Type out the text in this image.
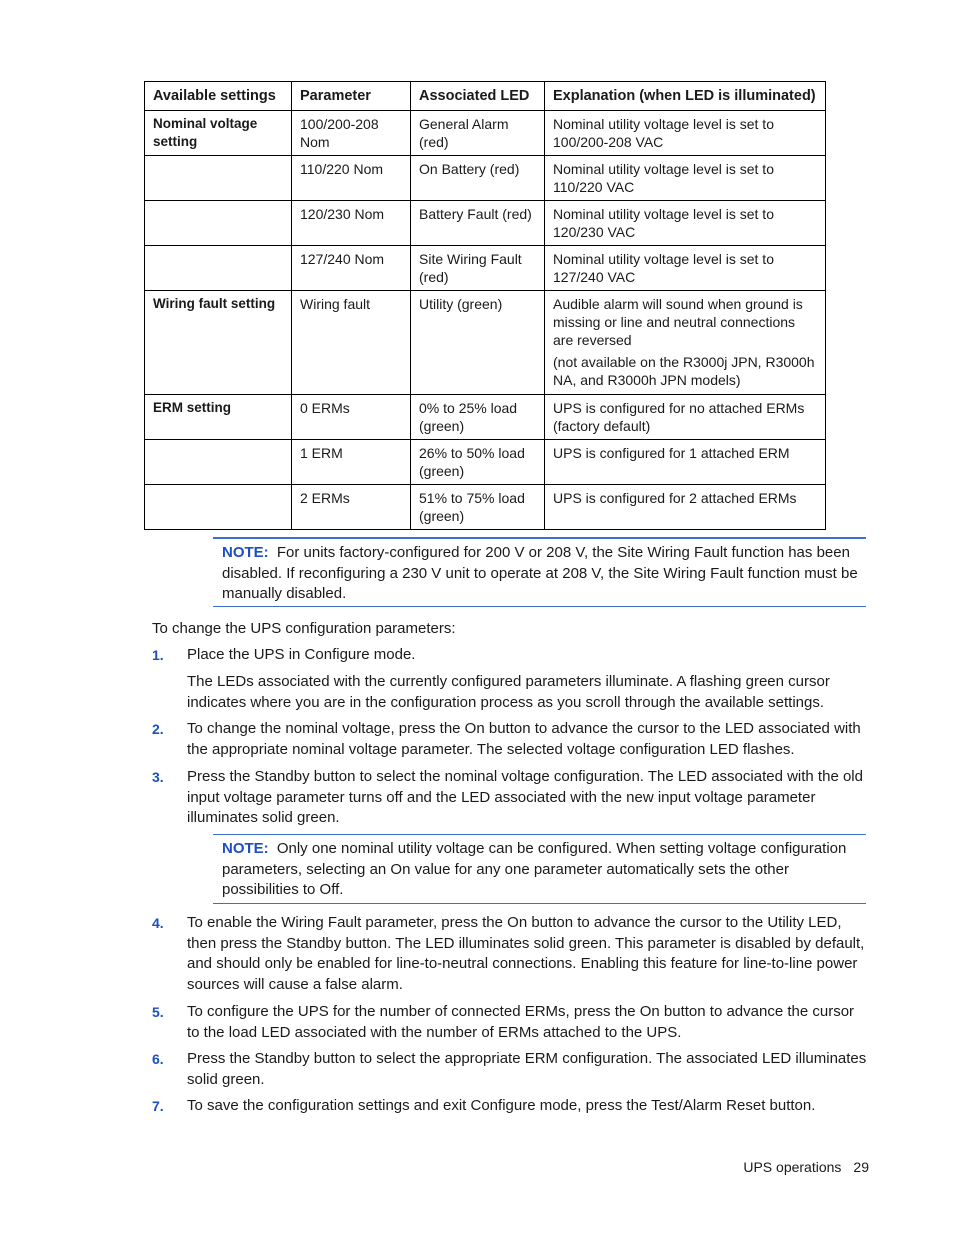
Available settings	Parameter	Associated LED	Explanation (when LED is illuminated)
Nominal voltage setting	100/200-208 Nom	General Alarm (red)	Nominal utility voltage level is set to 100/200-208 VAC
	110/220 Nom	On Battery (red)	Nominal utility voltage level is set to 110/220 VAC
	120/230 Nom	Battery Fault (red)	Nominal utility voltage level is set to 120/230 VAC
	127/240 Nom	Site Wiring Fault (red)	Nominal utility voltage level is set to 127/240 VAC
Wiring fault setting	Wiring fault	Utility (green)	Audible alarm will sound when ground is missing or line and neutral connections are reversed

(not available on the R3000j JPN, R3000h NA, and R3000h JPN models)

ERM setting	0 ERMs	0% to 25% load (green)	UPS is configured for no attached ERMs (factory default)
	1 ERM	26% to 50% load (green)	UPS is configured for 1 attached ERM
	2 ERMs	51% to 75% load (green)	UPS is configured for 2 attached ERMs
NOTE: For units factory-configured for 200 V or 208 V, the Site Wiring Fault function has been disabled. If reconfiguring a 230 V unit to operate at 208 V, the Site Wiring Fault function must be manually disabled.

To change the UPS configuration parameters:

1. Place the UPS in Configure mode.

The LEDs associated with the currently configured parameters illuminate. A flashing green cursor indicates where you are in the configuration process as you scroll through the available settings.

2. To change the nominal voltage, press the On button to advance the cursor to the LED associated with the appropriate nominal voltage parameter. The selected voltage configuration LED flashes.
3. Press the Standby button to select the nominal voltage configuration. The LED associated with the old input voltage parameter turns off and the LED associated with the new input voltage parameter illuminates solid green.
NOTE: Only one nominal utility voltage can be configured. When setting voltage configuration parameters, selecting an On value for any one parameter automatically sets the other possibilities to Off.
4. To enable the Wiring Fault parameter, press the On button to advance the cursor to the Utility LED, then press the Standby button. The LED illuminates solid green. This parameter is disabled by default, and should only be enabled for line-to-neutral connections. Enabling this feature for line-to-line power sources will cause a false alarm.
5. To configure the UPS for the number of connected ERMs, press the On button to advance the cursor to the load LED associated with the number of ERMs attached to the UPS.
6. Press the Standby button to select the appropriate ERM configuration. The associated LED illuminates solid green.
7. To save the configuration settings and exit Configure mode, press the Test/Alarm Reset button.
UPS operations 29
